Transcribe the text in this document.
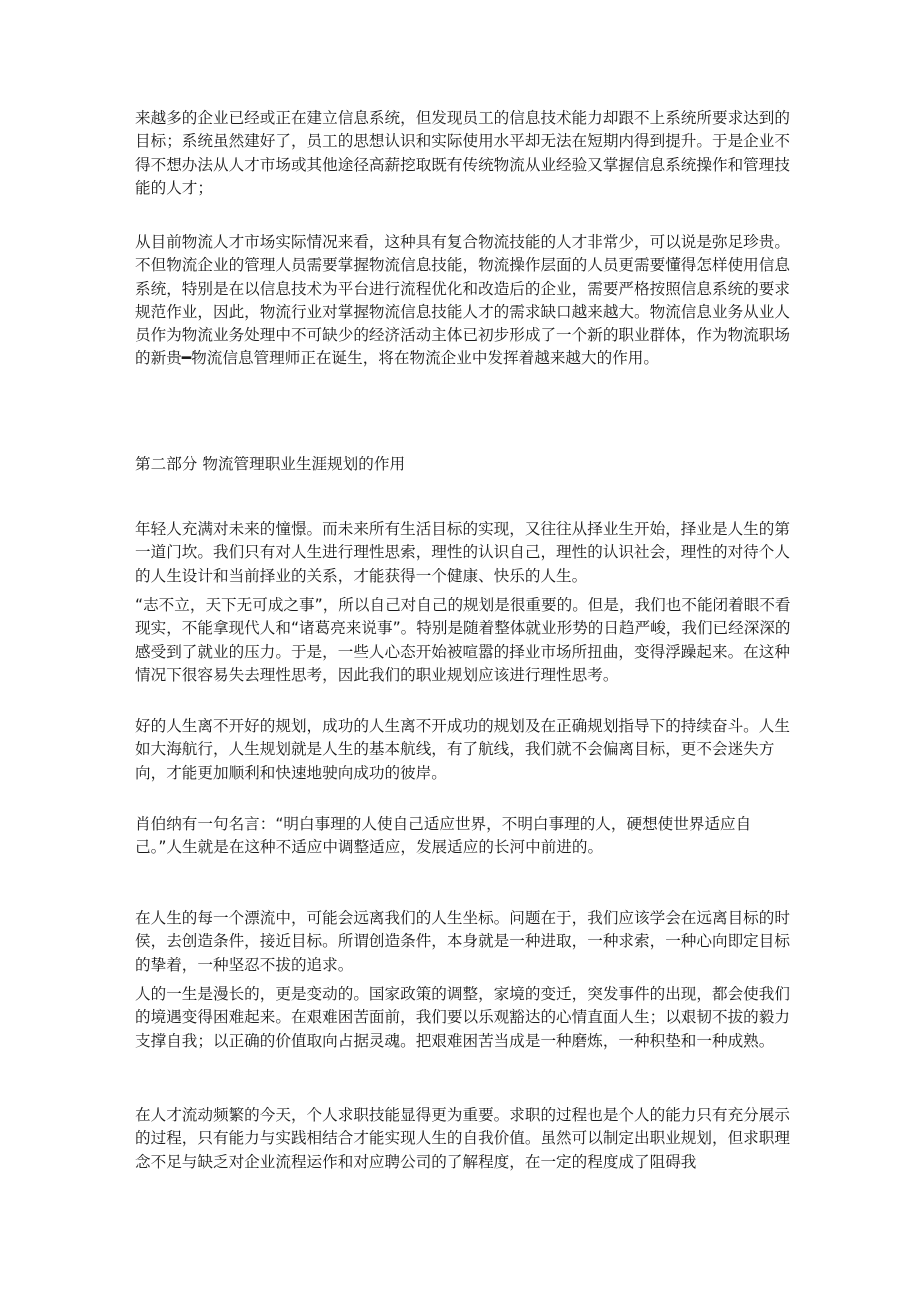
来越多的企业已经或正在建立信息系统，但发现员工的信息技术能力却跟不上系统所要求达到的目标；系统虽然建好了，员工的思想认识和实际使用水平却无法在短期内得到提升。于是企业不得不想办法从人才市场或其他途径高薪挖取既有传统物流从业经验又掌握信息系统操作和管理技能的人才；

从目前物流人才市场实际情况来看，这种具有复合物流技能的人才非常少，可以说是弥足珍贵。不但物流企业的管理人员需要掌握物流信息技能，物流操作层面的人员更需要懂得怎样使用信息系统，特别是在以信息技术为平台进行流程优化和改造后的企业，需要严格按照信息系统的要求规范作业，因此，物流行业对掌握物流信息技能人才的需求缺口越来越大。物流信息业务从业人员作为物流业务处理中不可缺少的经济活动主体已初步形成了一个新的职业群体，作为物流职场的新贵━物流信息管理师正在诞生，将在物流企业中发挥着越来越大的作用。

第二部分 物流管理职业生涯规划的作用

年轻人充满对未来的憧憬。而未来所有生活目标的实现，又往往从择业生开始，择业是人生的第一道门坎。我们只有对人生进行理性思索，理性的认识自己，理性的认识社会，理性的对待个人的人生设计和当前择业的关系，才能获得一个健康、快乐的人生。

“志不立，天下无可成之事”，所以自己对自己的规划是很重要的。但是，我们也不能闭着眼不看现实，不能拿现代人和“诸葛亮来说事”。特别是随着整体就业形势的日趋严峻，我们已经深深的感受到了就业的压力。于是，一些人心态开始被喧嚣的择业市场所扭曲，变得浮躁起来。在这种情况下很容易失去理性思考，因此我们的职业规划应该进行理性思考。

好的人生离不开好的规划，成功的人生离不开成功的规划及在正确规划指导下的持续奋斗。人生如大海航行，人生规划就是人生的基本航线，有了航线，我们就不会偏离目标，更不会迷失方向，才能更加顺利和快速地驶向成功的彼岸。

肖伯纳有一句名言：“明白事理的人使自己适应世界，不明白事理的人，硬想使世界适应自己。”人生就是在这种不适应中调整适应，发展适应的长河中前进的。

在人生的每一个漂流中，可能会远离我们的人生坐标。问题在于，我们应该学会在远离目标的时侯，去创造条件，接近目标。所谓创造条件，本身就是一种进取，一种求索，一种心向即定目标的挚着，一种坚忍不拔的追求。

人的一生是漫长的，更是变动的。国家政策的调整，家境的变迁，突发事件的出现，都会使我们的境遇变得困难起来。在艰难困苦面前，我们要以乐观豁达的心情直面人生；以艰韧不拔的毅力支撑自我；以正确的价值取向占据灵魂。把艰难困苦当成是一种磨炼，一种积垫和一种成熟。

在人才流动频繁的今天，个人求职技能显得更为重要。求职的过程也是个人的能力只有充分展示的过程，只有能力与实践相结合才能实现人生的自我价值。虽然可以制定出职业规划，但求职理念不足与缺乏对企业流程运作和对应聘公司的了解程度，在一定的程度成了阻碍我
